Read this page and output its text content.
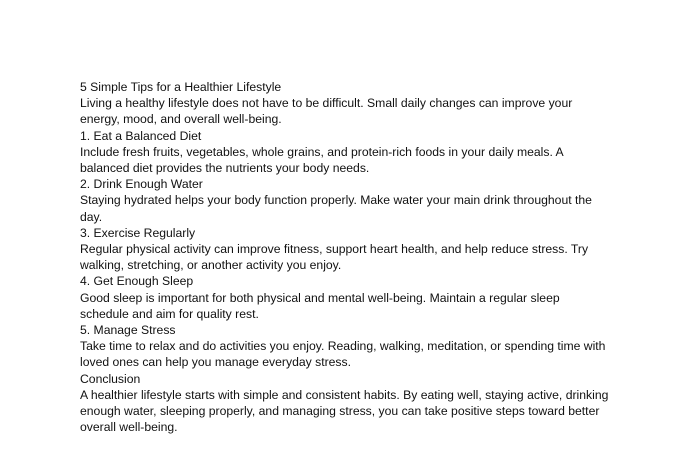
5 Simple Tips for a Healthier Lifestyle

Living a healthy lifestyle does not have to be difficult. Small daily changes can improve your energy, mood, and overall well-being.

1. Eat a Balanced Diet

Include fresh fruits, vegetables, whole grains, and protein-rich foods in your daily meals. A balanced diet provides the nutrients your body needs.

2. Drink Enough Water

Staying hydrated helps your body function properly. Make water your main drink throughout the day.

3. Exercise Regularly

Regular physical activity can improve fitness, support heart health, and help reduce stress. Try walking, stretching, or another activity you enjoy.

4. Get Enough Sleep

Good sleep is important for both physical and mental well-being. Maintain a regular sleep schedule and aim for quality rest.

5. Manage Stress

Take time to relax and do activities you enjoy. Reading, walking, meditation, or spending time with loved ones can help you manage everyday stress.

Conclusion

A healthier lifestyle starts with simple and consistent habits. By eating well, staying active, drinking enough water, sleeping properly, and managing stress, you can take positive steps toward better overall well-being.
